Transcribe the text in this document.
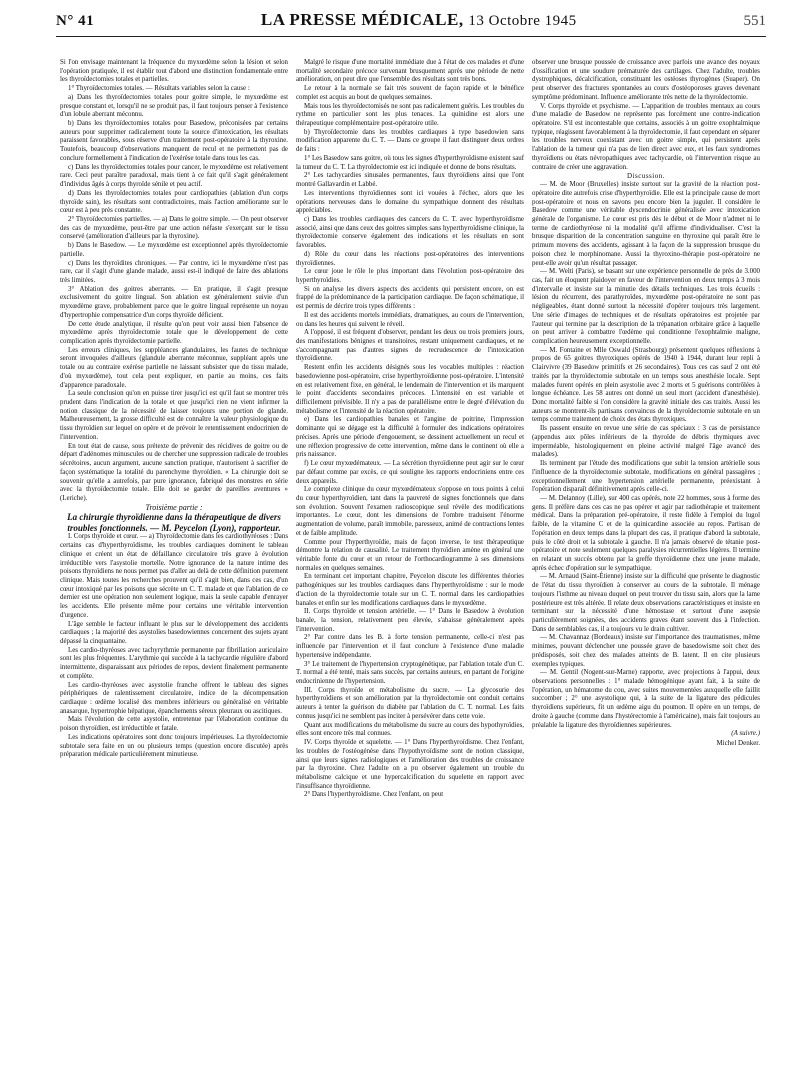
N° 41	LA PRESSE MÉDICALE, 13 Octobre 1945	551

Si l'on envisage maintenant la fréquence du myxœdème selon la lésion et selon l'opération pratiquée, il est établir tout d'abord une distinction fondamentale entre les thyroïdectomies totales et partielles.

1° Thyroïdectomies totales. — Résultats variables selon la cause :

a) Dans les thyroïdectomies totales pour goitre simple, le myxœdème est presque constant et, lorsqu'il ne se produit pas, il faut toujours penser à l'existence d'un lobule aberrant méconnu.

b) Dans les thyroïdectomies totales pour Basedow, préconisées par certains auteurs pour supprimer radicalement toute la source d'intoxication, les résultats paraissent favorables, sous réserve d'un traitement post-opératoire à la thyroxine. Toutefois, beaucoup d'observations manquent de recul et ne permettent pas de conclure formellement à l'indication de l'exérèse totale dans tous les cas.

c) Dans les thyroïdectomies totales pour cancer, le myxœdème est relativement rare. Ceci peut paraître paradoxal, mais tient à ce fait qu'il s'agit généralement d'individus âgés à corps thyroïde sénile et peu actif.

d) Dans les thyroïdectomies totales pour cardiopathies (ablation d'un corps thyroïde sain), les résultats sont contradictoires, mais l'action améliorante sur le cœur est à peu près constante.

2° Thyroïdectomies partielles. — a) Dans le goitre simple. — On peut observer des cas de myxœdème, peut-être par une action néfaste s'exerçant sur le tissu conservé (amélioration d'ailleurs par la thyroxine).

b) Dans le Basedow. — Le myxœdème est exceptionnel après thyroïdectomie partielle.

c) Dans les thyroïdites chroniques. — Par contre, ici le myxœdème n'est pas rare, car il s'agit d'une glande malade, aussi est-il indiqué de faire des ablations très limitées.

3° Ablation des goitres aberrants. — En pratique, il s'agit presque exclusivement du goitre lingual. Son ablation est généralement suivie d'un myxœdème grave, probablement parce que le goitre lingual représente un noyau d'hypertrophie compensatrice d'un corps thyroïde déficient.

De cette étude analytique, il résulte qu'on peut voir aussi bien l'absence de myxœdème après thyroïdectomie totale que le développement de cette complication après thyroïdectomie partielle.

Les erreurs cliniques, les suppléances glandulaires, les fautes de technique seront invoquées d'ailleurs (glandule aberrante méconnue, suppléant après une totale ou au contraire exérèse partielle ne laissant subsister que du tissu malade, d'où myxœdème), tout cela peut expliquer, en partie au moins, ces faits d'apparence paradoxale.

La seule conclusion qu'on en puisse tirer jusqu'ici est qu'il faut se montrer très prudent dans l'indication de la totale et que jusqu'ici rien ne vient infirmer la notion classique de la nécessité de laisser toujours une portion de glande. Malheureusement, la grosse difficulté est de connaître la valeur physiologique du tissu thyroïdien sur lequel on opère et de prévoir le retentissement endocrinien de l'intervention.

En tout état de cause, sous prétexte de prévenir des récidives de goitre ou de départ d'adénomes minuscules ou de chercher une suppression radicale de troubles sécrétoires, aucun argument, aucune sanction pratique, n'autorisent à sacrifier de façon systématique la totalité du parenchyme thyroïdien. « La chirurgie doit se souvenir qu'elle a autrefois, par pure ignorance, fabriqué des monstres en série avec la thyroïdectomie totale. Elle doit se garder de pareilles aventures » (Leriche).

Troisième partie :

La chirurgie thyroïdienne dans la thérapeutique de divers troubles fonctionnels. — M. Peycelon (Lyon), rapporteur.

I. Corps thyroïde et cœur. — a) Thyroïdectomie dans les cardiothyréoses : Dans certains cas d'hyperthyroïdisme, les troubles cardiaques dominent le tableau clinique et créent un état de défaillance circulatoire très grave à évolution irréductible vers l'asystolie mortelle. Notre ignorance de la nature intime des poisons thyroïdiens ne nous permet pas d'aller au delà de cette définition purement clinique. Mais toutes les recherches prouvent qu'il s'agit bien, dans ces cas, d'un cœur intoxiqué par les poisons que sécrète un C. T. malade et que l'ablation de ce dernier est une opération non seulement logique, mais la seule capable d'enrayer les accidents. Elle présente même pour certains une véritable intervention d'urgence.

L'âge semble le facteur influant le plus sur le développement des accidents cardiaques ; la majorité des asystolies basedowiennes concernent des sujets ayant dépassé la cinquantaine.

Les cardio-thyréoses avec tachyrythmie permanente par fibrillation auriculaire sont les plus fréquentes. L'arythmie qui succède à la tachycardie régulière d'abord intermittente, disparaissant aux périodes de repos, devient finalement permanente et complète.

Les cardio-thyréoses avec asystolie franche offrent le tableau des signes périphériques de ralentissement circulatoire, indice de la décompensation cardiaque : œdème localisé des membres inférieurs ou généralisé en véritable anasarque, hypertrophie hépatique, épanchements séreux pleuraux ou ascitiques.

Mais l'évolution de cette asystolie, entretenue par l'élaboration continue du poison thyroïdien, est irréductible et fatale.

Les indications opératoires sont donc toujours impérieuses. La thyroïdectomie subtotale sera faite en un ou plusieurs temps (question encore discutée) après préparation médicale particulièrement minutieuse.

Malgré le risque d'une mortalité immédiate due à l'état de ces malades et d'une mortalité secondaire précoce survenant brusquement après une période de nette amélioration, on peut dire que l'ensemble des résultats sont très bons.

Le retour à la normale se fait très souvent de façon rapide et le bénéfice complet est acquis au bout de quelques semaines.

Mais tous les thyroïdectomisés ne sont pas radicalement guéris. Les troubles du rythme en particulier sont les plus tenaces. La quinidine est alors une thérapeutique complémentaire post-opératoire utile.

b) Thyroïdectomie dans les troubles cardiaques à type basedowien sans modification apparente du C. T. — Dans ce groupe il faut distinguer deux ordres de faits :

1° Les Basedow sans goitre, où tous les signes d'hyperthyroïdisme existent sauf la tumeur du C. T. La thyroïdectomie est ici indiquée et donne de bons résultats.

2° Les tachycardies sinusales permanentes, faux thyroïdiens ainsi que l'ont montré Gallavardin et Labbé.

Les interventions thyroïdiennes sont ici vouées à l'échec, alors que les opérations nerveuses dans le domaine du sympathique donnent des résultats appréciables.

c) Dans les troubles cardiaques des cancers du C. T. avec hyperthyroïdisme associé, ainsi que dans ceux des goitres simples sans hyperthyroïdisme clinique, la thyroïdectomie conserve également des indications et les résultats en sont favorables.

d) Rôle du cœur dans les réactions post-opératoires des interventions thyroïdiennes.

Le cœur joue le rôle le plus important dans l'évolution post-opératoire des hyperthyroïdies.

Si on analyse les divers aspects des accidents qui persistent encore, on est frappé de la prédominance de la participation cardiaque. De façon schématique, il est permis de décrire trois types différents :

Il est des accidents mortels immédiats, dramatiques, au cours de l'intervention, ou dans les heures qui suivent le réveil.

A l'opposé, il est fréquent d'observer, pendant les deux ou trois premiers jours, des manifestations bénignes et transitoires, restant uniquement cardiaques, et ne s'accompagnant pas d'autres signes de recrudescence de l'intoxication thyroïdienne.

Restent enfin les accidents désignés sous les vocables multiples : réaction basedowienne post-opératoire, crise hyperthyroïdienne post-opératoire. L'intensité en est relativement fixe, en général, le lendemain de l'intervention et ils marquent le point d'accidents secondaires précoces. L'intensité en est variable et difficilement prévisible. Il n'y a pas de parallélisme entre le degré d'élévation du métabolisme et l'intensité de la réaction opératoire.

e) Dans les cardiopathies banales et l'angine de poitrine, l'impression dominante qui se dégage est la difficulté à formuler des indications opératoires précises. Après une période d'engouement, se dessinent actuellement un recul et une réflexion progressive de cette intervention, même dans le continent où elle a pris naissance.

f) Le cœur myxœdémateux. — La sécrétion thyroïdienne peut agir sur le cœur par défaut comme par excès, ce qui souligne les rapports endocriniens entre ces deux appareils.

Le complexe clinique du cœur myxœdémateux s'oppose en tous points à celui du cœur hyperthyroïdien, tant dans la pauvreté de signes fonctionnels que dans son évolution. Souvent l'examen radioscopique seul révèle des modifications importantes. Le cœur, dont les dimensions de l'ombre traduisent l'énorme augmentation de volume, paraît immobile, paresseux, animé de contractions lentes et de faible amplitude.

Comme pour l'hyperthyroïdie, mais de façon inverse, le test thérapeutique démontre la relation de causalité. Le traitement thyroïdien amène en général une véritable fonte du cœur et un retour de l'orthocardiogramme à ses dimensions normales en quelques semaines.

En terminant cet important chapitre, Peycelon discute les différentes théories pathogéniques sur les troubles cardiaques dans l'hyperthyroïdisme : sur le mode d'action de la thyroïdectomie totale sur un C. T. normal dans les cardiopathies banales et enfin sur les modifications cardiaques dans le myxœdème.

II. Corps thyroïde et tension artérielle. — 1° Dans le Basedow à évolution banale, la tension, relativement peu élevée, s'abaisse généralement après l'intervention.

2° Par contre dans les B. à forte tension permanente, celle-ci n'est pas influencée par l'intervention et il faut conclure à l'existence d'une maladie hypertensive indépendante.

3° Le traitement de l'hypertension cryptogénétique, par l'ablation totale d'un C. T. normal a été tenté, mais sans succès, par certains auteurs, en partant de l'origine endocrinienne de l'hypertension.

III. Corps thyroïde et métabolisme du sucre. — La glycosurie des hyperthyroïdiens et son amélioration par la thyroïdectomie ont conduit certains auteurs à tenter la guérison du diabète par l'ablation du C. T. normal. Les faits connus jusqu'ici ne semblent pas inciter à persévérer dans cette voie.

Quant aux modifications du métabolisme du sucre au cours des hypothyroïdies, elles sont encore très mal connues.

IV. Corps thyroïde et squelette. — 1° Dans l'hyperthyroïdisme. Chez l'enfant, les troubles de l'ostéogénèse dans l'hypothyroïdisme sont de notion classique, ainsi que leurs signes radiologiques et l'amélioration des troubles de croissance par la thyroxine. Chez l'adulte on a pu observer également un trouble du métabolisme calcique et une hypercalcification du squelette en rapport avec l'insuffisance thyroïdienne.

2° Dans l'hyperthyroïdisme. Chez l'enfant, on peut

observer une brusque poussée de croissance avec parfois une avance des noyaux d'ossification et une soudure prématurée des cartilages. Chez l'adulte, troubles dystrophiques, décalcification, constituant les ostéoses thyrogènes (Suaper). On peut observer des fractures spontanées au cours d'ostéoporoses graves devenant symptôme prédominant. Influence améliorante très nette de la thyroïdectomie.

V. Corps thyroïde et psychisme. — L'apparition de troubles mentaux au cours d'une maladie de Basedow ne représente pas forcément une contre-indication opératoire. S'il est incontestable que certains, associés à un goitre exophtalmique typique, réagissent favorablement à la thyroïdectomie, il faut cependant en séparer les troubles nerveux coexistant avec un goitre simple, qui persistent après l'ablation de la tumeur qui n'a pas de lien direct avec eux, et les faux syndromes thyroïdiens ou états névropathiques avec tachycardie, où l'intervention risque au contraire de créer une aggravation.

Discussion.

— M. de Moor (Bruxelles) insiste surtout sur la gravité de la réaction post-opératoire dite autrefois crise d'hyperthyroïdie. Elle est la principale cause de mort post-opératoire et nous en savons peu encore bien la juguler. Il considère le Basedow comme une véritable dyscendocrinie généralisée avec intoxication générale de l'organisme. Le cœur est pris dès le début et de Moor n'admet ni le terme de cardiothyréose ni la modalité qu'il affirme d'individualiser. C'est la brusque disparition de la concentration sanguine en thyroxine qui paraît être le primum movens des accidents, agissant à la façon de la suppression brusque du poison chez le morphinomane. Aussi la thyroxino-thérapie post-opératoire ne peut-elle avoir qu'un résultat passager.

— M. Welti (Paris), se basant sur une expérience personnelle de près de 3.000 cas, fait un éloquent plaidoyer en faveur de l'intervention en deux temps à 3 mois d'intervalle et insiste sur la minutie des détails techniques. Les trois écueils : lésion du récurrent, des parathyroïdes, myxœdème post-opératoire ne sont pas négligeables, étant donné surtout la nécessité d'opérer toujours très largement. Une série d'images de techniques et de résultats opératoires est projetée par l'auteur qui termine par la description de la trépanation orbitaire grâce à laquelle on peut arriver à combattre l'œdème qui conditionne l'exophtalmie maligne, complication heureusement exceptionnelle.

— M. Fontaine et Mlle Oswald (Strasbourg) présentent quelques réflexions à propos de 65 goitres thyroxiques opérés de 1940 à 1944, durant leur repli à Clairvivre (39 Basedow primitifs et 26 secondaires). Tous ces cas sauf 2 ont été traités par la thyroïdectomie subtotale en un temps sous anesthésie locale. Sept malades furent opérés en plein asystolie avec 2 morts et 5 guérisons contrôlées à longue échéance. Les 58 autres ont donné un seul mort (accident d'anesthésie). Donc mortalité faible si l'on considère la gravité initiale des cas traités. Aussi les auteurs se montrent-ils partisans convaincus de la thyroïdectomie subtotale en un temps comme traitement de choix des états thyroxiques.

Ils passent ensuite en revue une série de cas spéciaux : 3 cas de persistance (appendus aux pôles inférieurs de la thyroïde de débris thymiques avec imperméable, histologiquement en pleine activité malgré l'âge avancé des malades).

Ils terminent par l'étude des modifications que subit la tension artérielle sous l'influence de la thyroïdectomie subtotale, modifications en général passagères ; exceptionnellement une hypertension artérielle permanente, préexistant à l'opération disparaît définitivement après celle-ci.

— M. Delannoy (Lille), sur 400 cas opérés, note 22 hommes, sous à forme des gens. Il préfère dans ces cas ne pas opérer et agir par radiothérapie et traitement médical. Dans la préparation pré-opératoire, il reste fidèle à l'emploi du lugol faible, de la vitamine C et de la quinicardine associée au repos. Partisan de l'opération en deux temps dans la plupart des cas, il pratique d'abord la subtotale, puis le côté droit et la subtotale à gauche. Il n'a jamais observé de tétanie post-opératoire et note seulement quelques paralysies récurrentielles légères. Il termine en relatant un succès obtenu par la greffe thyroïdienne chez une jeune malade, après échec d'opération sur le sympathique.

— M. Arnaud (Saint-Étienne) insiste sur la difficulté que présente le diagnostic de l'état du tissu thyroïdien à conserver au cours de la subtotale. Il ménage toujours l'isthme au niveau duquel on peut trouver du tissu sain, alors que la lame postérieure est très altérée. Il relate deux observations caractéristiques et insiste en terminant sur la nécessité d'une hémostase et surtout d'une asepsie particulièrement soignées, des accidents graves étant souvent dus à l'infection. Dans de semblables cas, il a toujours vu le drain cultiver.

— M. Chavannaz (Bordeaux) insiste sur l'importance des traumatismes, même minimes, pouvant déclencher une poussée grave de basedowisme soit chez des prédisposés, soit chez des malades atteints de B. latent. Il en cite plusieurs exemples typiques.

— M. Gentil (Nogent-sur-Marne) rapporte, avec projections à l'appui, deux observations personnelles : 1° malade hémogénique ayant fait, à la suite de l'opération, un hématome du cou, avec suites mouvementées auxquelle elle faillit succomber ; 2° une asystolique qui, à la suite de la ligature des pédicules thyroïdiens supérieurs, fit un œdème aigu du poumon. Il opère en un temps, de droite à gauche (comme dans l'hystérectomie à l'américaine), mais fait toujours au préalable la ligature des thyroïdiennes supérieures.

(A suivre.)

Michel Denker.
